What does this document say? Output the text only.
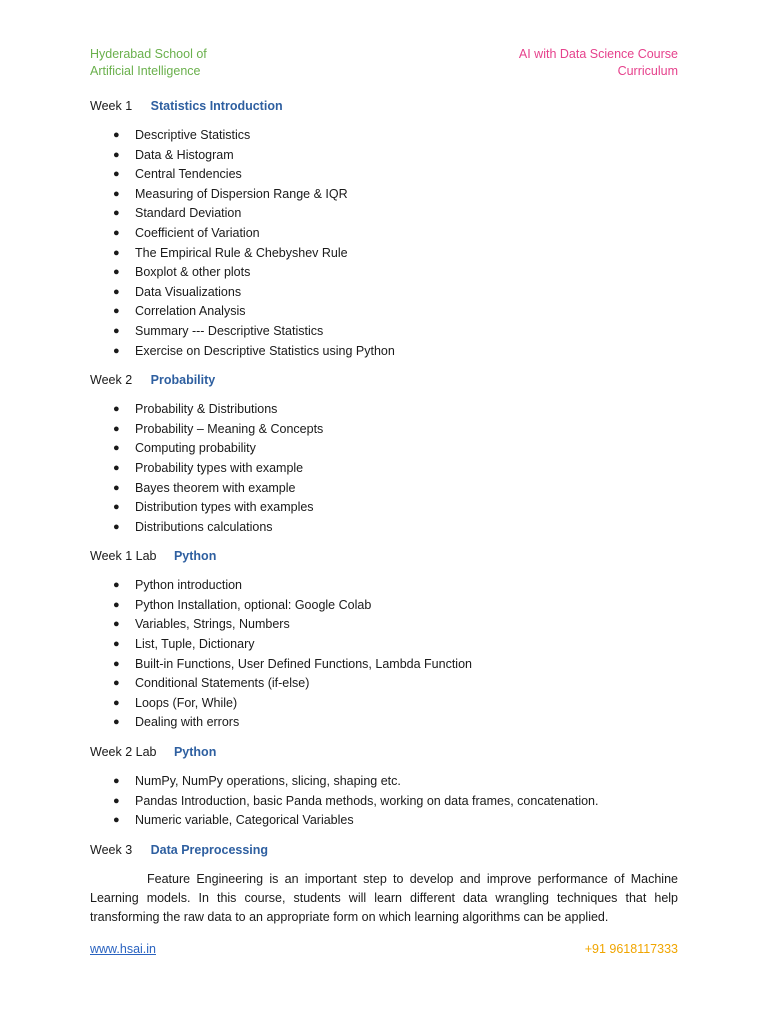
Hyderabad School of
Artificial Intelligence
AI with Data Science Course
Curriculum
Week 1 Statistics Introduction
● Descriptive Statistics
● Data & Histogram
● Central Tendencies
● Measuring of Dispersion Range & IQR
● Standard Deviation
● Coefficient of Variation
● The Empirical Rule & Chebyshev Rule
● Boxplot & other plots
● Data Visualizations
● Correlation Analysis
● Summary --- Descriptive Statistics
● Exercise on Descriptive Statistics using Python
Week 2 Probability
● Probability & Distributions
● Probability – Meaning & Concepts
● Computing probability
● Probability types with example
● Bayes theorem with example
● Distribution types with examples
● Distributions calculations
Week 1 Lab Python
● Python introduction
● Python Installation, optional: Google Colab
● Variables, Strings, Numbers
● List, Tuple, Dictionary
● Built-in Functions, User Defined Functions, Lambda Function
● Conditional Statements (if-else)
● Loops (For, While)
● Dealing with errors
Week 2 Lab Python
● NumPy, NumPy operations, slicing, shaping etc.
● Pandas Introduction, basic Panda methods, working on data frames, concatenation.
● Numeric variable, Categorical Variables
Week 3 Data Preprocessing

Feature Engineering is an important step to develop and improve performance of Machine Learning models. In this course, students will learn different data wrangling techniques that help transforming the raw data to an appropriate form on which learning algorithms can be applied.

www.hsai.in	+91 9618117333
